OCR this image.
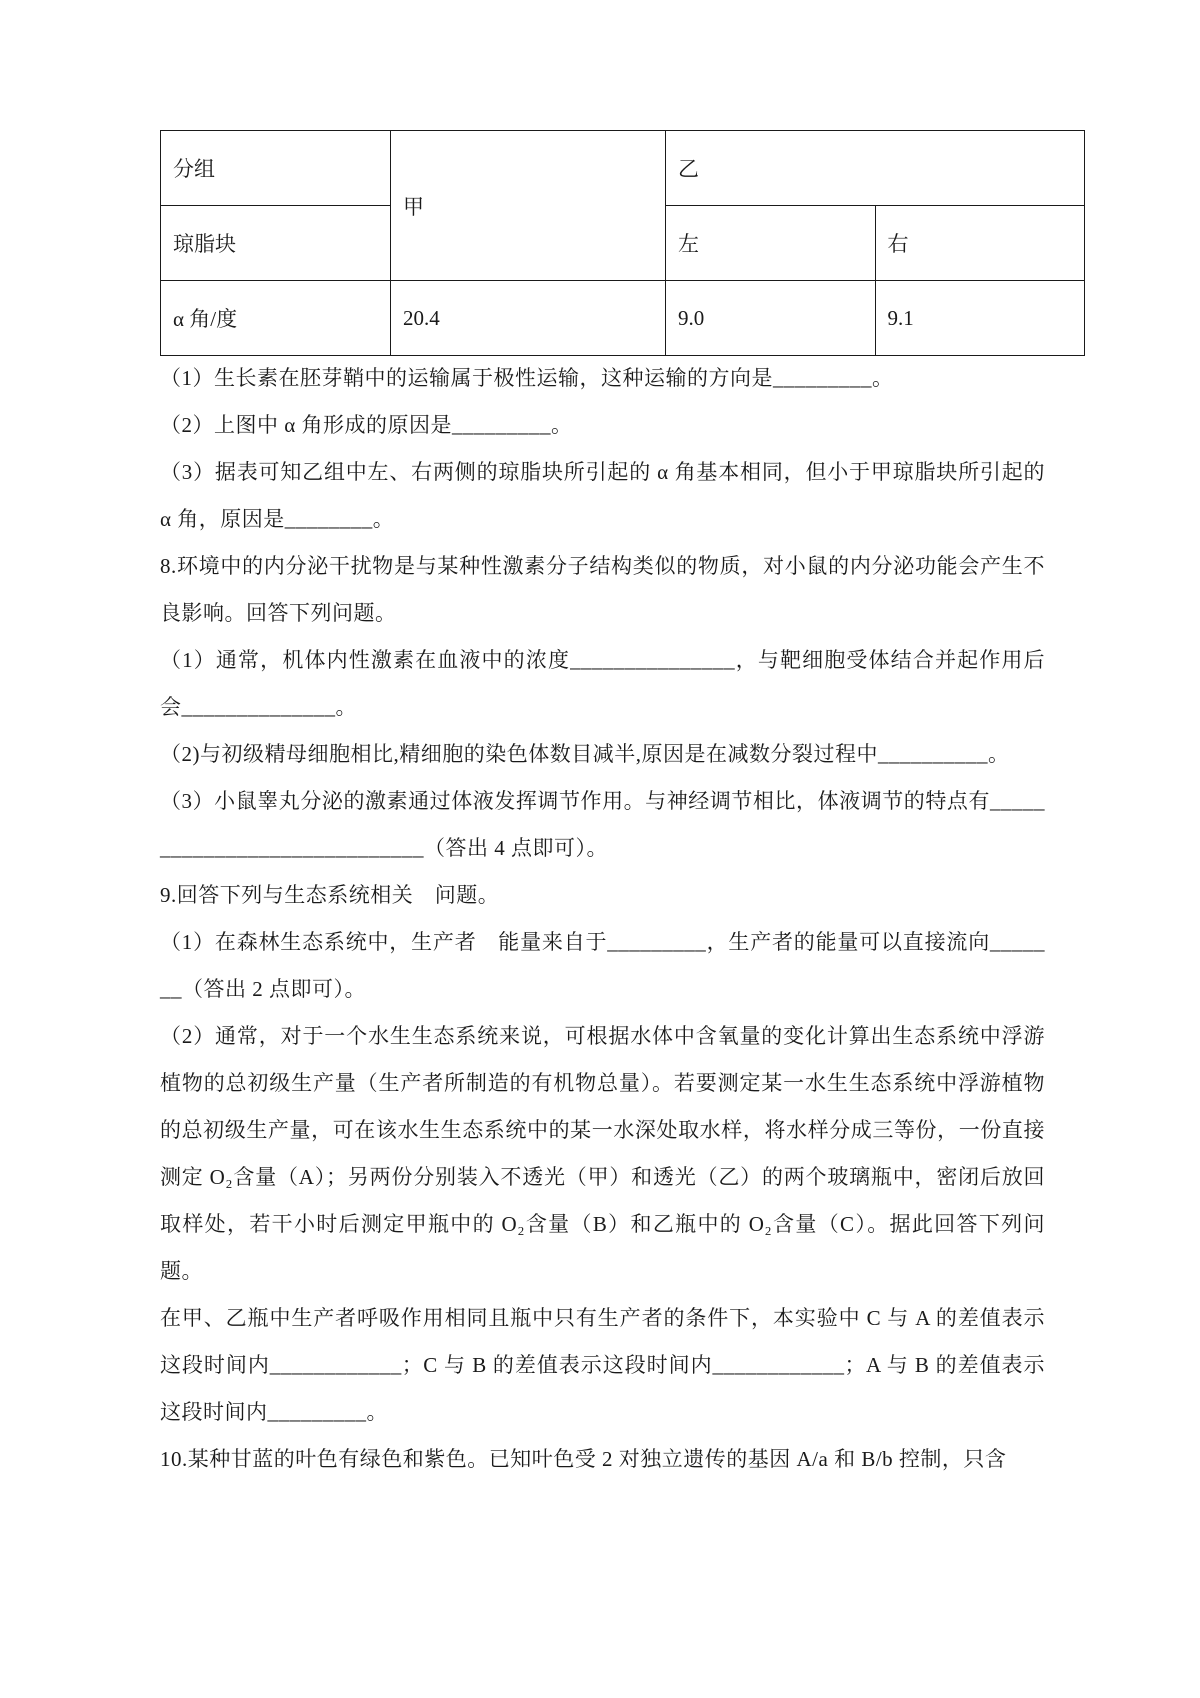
分组	甲	乙	
琼脂块		左	右
α 角/度	20.4	9.0	9.1

（1）生长素在胚芽鞘中的运输属于极性运输，这种运输的方向是_________。

（2）上图中 α 角形成的原因是_________。

（3）据表可知乙组中左、右两侧的琼脂块所引起的 α 角基本相同，但小于甲琼脂块所引起的 α 角，原因是________。

8.环境中的内分泌干扰物是与某种性激素分子结构类似的物质，对小鼠的内分泌功能会产生不良影响。回答下列问题。

（1）通常，机体内性激素在血液中的浓度_______________，与靶细胞受体结合并起作用后会______________。

（2)与初级精母细胞相比,精细胞的染色体数目减半,原因是在减数分裂过程中__________。

（3）小鼠睾丸分泌的激素通过体液发挥调节作用。与神经调节相比，体液调节的特点有_____________________________（答出 4 点即可）。

9.回答下列与生态系统相关　问题。

（1）在森林生态系统中，生产者　能量来自于_________，生产者的能量可以直接流向_______（答出 2 点即可）。

（2）通常，对于一个水生生态系统来说，可根据水体中含氧量的变化计算出生态系统中浮游植物的总初级生产量（生产者所制造的有机物总量）。若要测定某一水生生态系统中浮游植物的总初级生产量，可在该水生生态系统中的某一水深处取水样，将水样分成三等份，一份直接测定 O₂含量（A）；另两份分别装入不透光（甲）和透光（乙）的两个玻璃瓶中，密闭后放回取样处，若干小时后测定甲瓶中的 O₂含量（B）和乙瓶中的 O₂含量（C）。据此回答下列问题。

在甲、乙瓶中生产者呼吸作用相同且瓶中只有生产者的条件下，本实验中 C 与 A 的差值表示这段时间内____________；C 与 B 的差值表示这段时间内____________；A 与 B 的差值表示这段时间内_________。

10.某种甘蓝的叶色有绿色和紫色。已知叶色受 2 对独立遗传的基因 A/a 和 B/b 控制，只含
